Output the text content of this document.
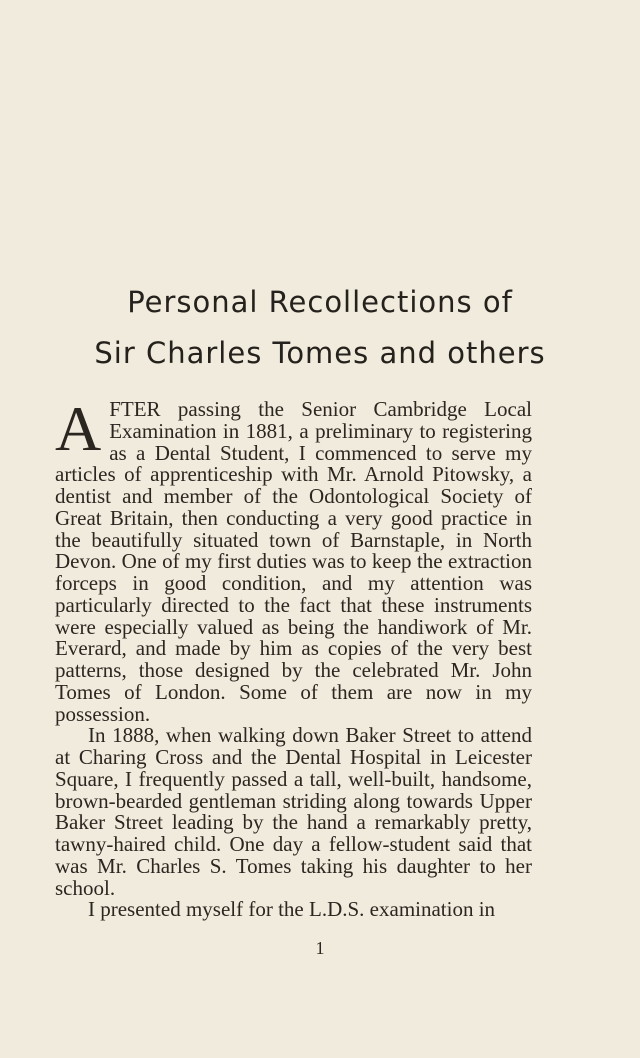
Personal Recollections of
Sir Charles Tomes and others

AFTER passing the Senior Cambridge Local Examination in 1881, a preliminary to registering as a Dental Student, I commenced to serve my articles of apprenticeship with Mr. Arnold Pitowsky, a dentist and member of the Odontological Society of Great Britain, then conducting a very good practice in the beautifully situated town of Barnstaple, in North Devon. One of my first duties was to keep the extraction forceps in good condition, and my attention was particularly directed to the fact that these instruments were especially valued as being the handiwork of Mr. Everard, and made by him as copies of the very best patterns, those designed by the celebrated Mr. John Tomes of London. Some of them are now in my possession.

In 1888, when walking down Baker Street to attend at Charing Cross and the Dental Hospital in Leicester Square, I frequently passed a tall, well-built, handsome, brown-bearded gentleman striding along towards Upper Baker Street leading by the hand a remarkably pretty, tawny-haired child. One day a fellow-student said that was Mr. Charles S. Tomes taking his daughter to her school.

I presented myself for the L.D.S. examination in

1
